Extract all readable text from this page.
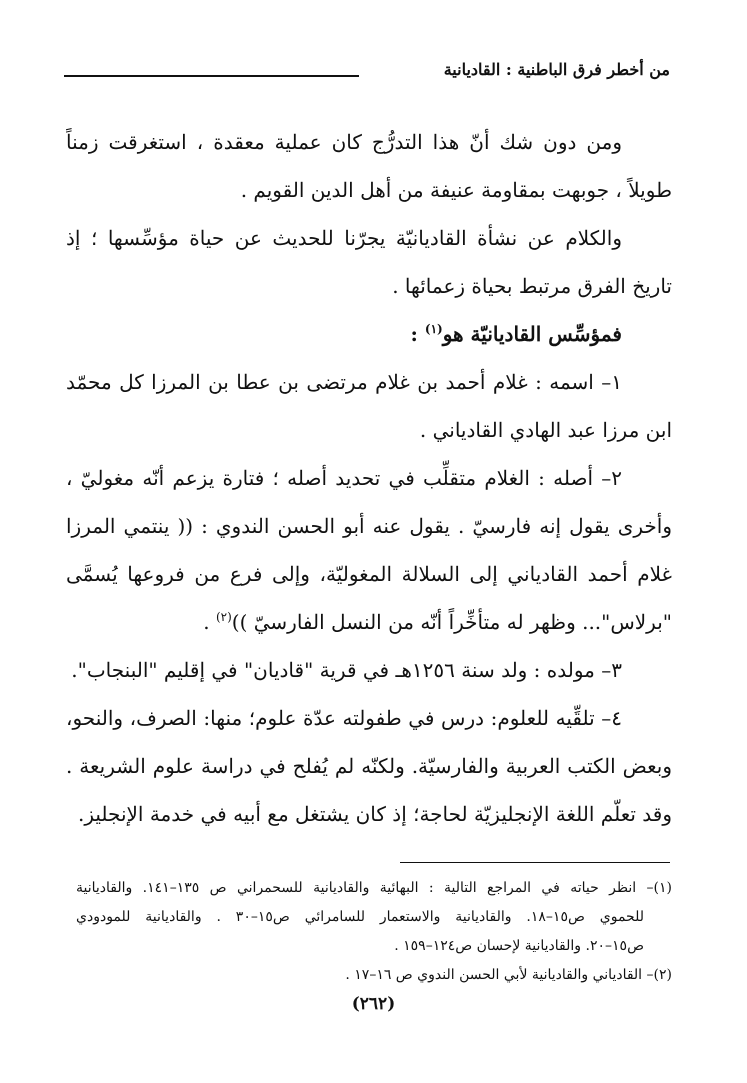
من أخطر فرق الباطنية : القاديانية
ومن دون شك أنّ هذا التدرُّج كان عملية معقدة ، استغرقت زمناً
طويلاً ، جوبهت بمقاومة عنيفة من أهل الدين القويم .
والكلام عن نشأة القاديانيّة يجرّنا للحديث عن حياة مؤسِّسها ؛ إذ
تاريخ الفرق مرتبط بحياة زعمائها .
فمؤسِّس القاديانيّة هو$^{(١)}$ :
١– اسمه : غلام أحمد بن غلام مرتضى بن عطا بن المرزا كل محمّد
ابن مرزا عبد الهادي القادياني .
٢– أصله : الغلام متقلِّب في تحديد أصله ؛ فتارة يزعم أنّه مغوليّ ،
وأخرى يقول إنه فارسيّ . يقول عنه أبو الحسن الندوي : (( ينتمي المرزا
غلام أحمد القادياني إلى السلالة المغوليّة، وإلى فرع من فروعها يُسمَّى
"برلاس"... وظهر له متأخِّراً أنّه من النسل الفارسيّ ))$^{(٢)}$ .
٣– مولده : ولد سنة ١٢٥٦هـ في قرية "قاديان" في إقليم "البنجاب".
٤– تلقِّيه للعلوم: درس في طفولته عدّة علوم؛ منها: الصرف، والنحو،
وبعض الكتب العربية والفارسيّة. ولكنّه لم يُفلح في دراسة علوم الشريعة .
وقد تعلّم اللغة الإنجليزيّة لحاجة؛ إذ كان يشتغل مع أبيه في خدمة الإنجليز.
(١)– انظر حياته في المراجع التالية : البهائية والقاديانية للسحمراني ص ١٣٥–١٤١. والقاديانية
للحموي ص١٥–١٨. والقاديانية والاستعمار للسامرائي ص١٥–٣٠ . والقاديانية للمودودي
ص١٥–٢٠. والقاديانية لإحسان ص١٢٤–١٥٩ .
(٢)– القادياني والقاديانية لأبي الحسن الندوي ص ١٦–١٧ .
(٢٦٢)
